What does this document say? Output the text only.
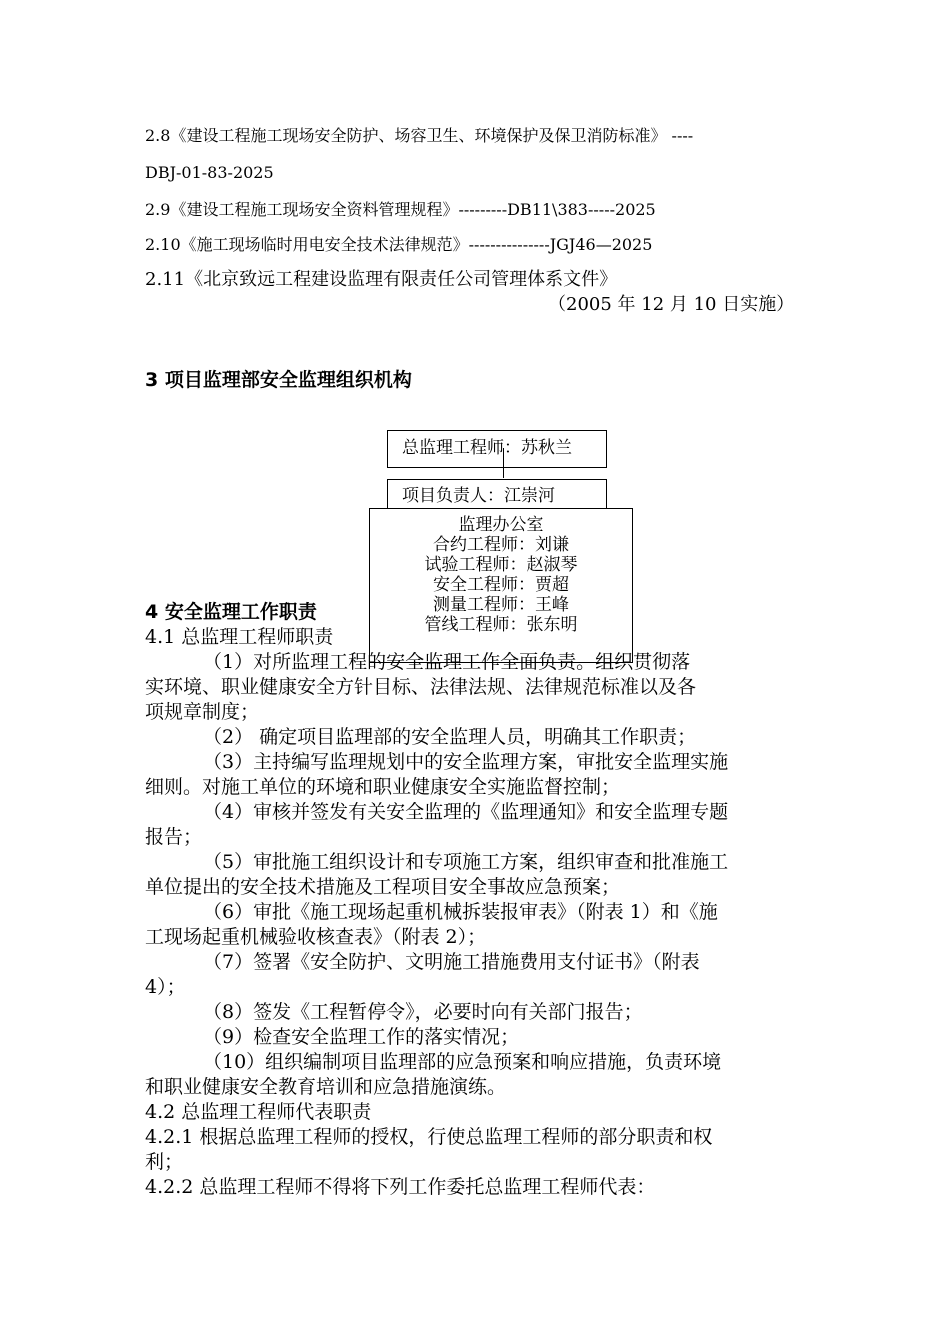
2.8《建设工程施工现场安全防护、场容卫生、环境保护及保卫消防标准》 ----
DBJ-01-83-2025
2.9《建设工程施工现场安全资料管理规程》---------DB11\383-----2025
2.10《施工现场临时用电安全技术法律规范》---------------JGJ46—2025
2.11《北京致远工程建设监理有限责任公司管理体系文件》
（2005 年 12 月 10 日实施）
3 项目监理部安全监理组织机构
总监理工程师：苏秋兰
项目负责人：江崇河
监理办公室
合约工程师：刘谦
试验工程师：赵淑琴
安全工程师：贾超
测量工程师：王峰
管线工程师：张东明
4 安全监理工作职责
4.1 总监理工程师职责
（1）对所监理工程的安全监理工作全面负责。组织贯彻落
实环境、职业健康安全方针目标、法律法规、法律规范标准以及各
项规章制度；
（2） 确定项目监理部的安全监理人员，明确其工作职责；
（3）主持编写监理规划中的安全监理方案，审批安全监理实施
细则。对施工单位的环境和职业健康安全实施监督控制；
（4）审核并签发有关安全监理的《监理通知》和安全监理专题
报告；
（5）审批施工组织设计和专项施工方案，组织审查和批准施工
单位提出的安全技术措施及工程项目安全事故应急预案；
（6）审批《施工现场起重机械拆装报审表》（附表 1）和《施
工现场起重机械验收核查表》（附表 2）；
（7）签署《安全防护、文明施工措施费用支付证书》（附表
4）；
（8）签发《工程暂停令》，必要时向有关部门报告；
（9）检查安全监理工作的落实情况；
（10）组织编制项目监理部的应急预案和响应措施，负责环境
和职业健康安全教育培训和应急措施演练。
4.2 总监理工程师代表职责
4.2.1 根据总监理工程师的授权，行使总监理工程师的部分职责和权
利；
4.2.2 总监理工程师不得将下列工作委托总监理工程师代表：
